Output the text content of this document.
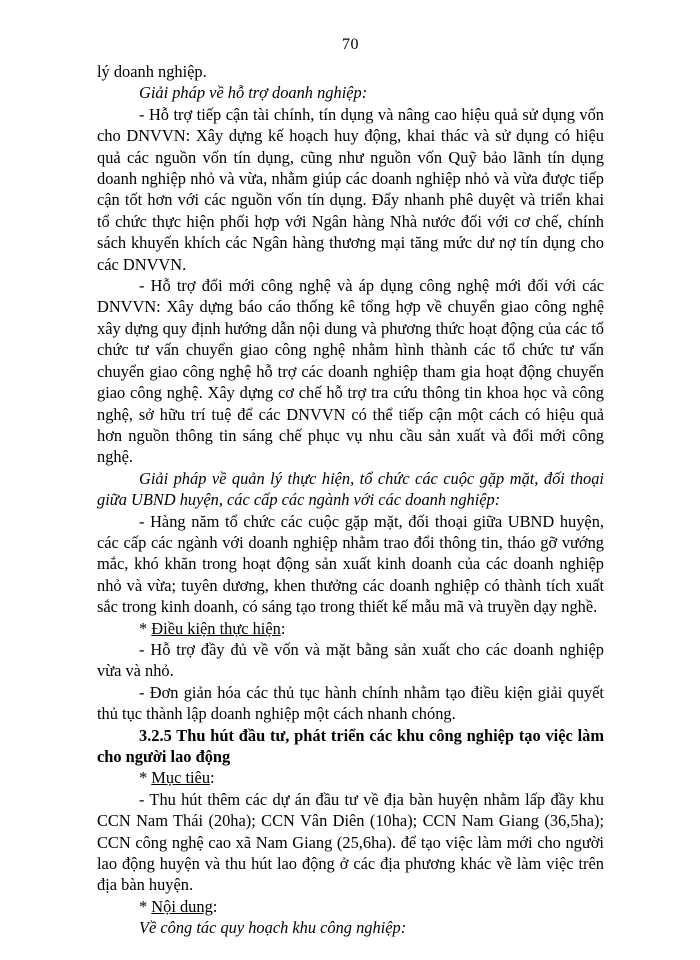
70

lý doanh nghiệp.

Giải pháp về hỗ trợ doanh nghiệp:

- Hỗ trợ tiếp cận tài chính, tín dụng và nâng cao hiệu quả sử dụng vốn cho DNVVN: Xây dựng kế hoạch huy động, khai thác và sử dụng có hiệu quả các nguồn vốn tín dụng, cũng như nguồn vốn Quỹ bảo lãnh tín dụng doanh nghiệp nhỏ và vừa, nhằm giúp các doanh nghiệp nhỏ và vừa được tiếp cận tốt hơn với các nguồn vốn tín dụng. Đẩy nhanh phê duyệt và triển khai tổ chức thực hiện phối hợp với Ngân hàng Nhà nước đối với cơ chế, chính sách khuyến khích các Ngân hàng thương mại tăng mức dư nợ tín dụng cho các DNVVN.

- Hỗ trợ đổi mới công nghệ và áp dụng công nghệ mới đối với các DNVVN: Xây dựng báo cáo thống kê tổng hợp về chuyển giao công nghệ xây dựng quy định hướng dẫn nội dung và phương thức hoạt động của các tổ chức tư vấn chuyển giao công nghệ nhằm hình thành các tổ chức tư vấn chuyển giao công nghệ hỗ trợ các doanh nghiệp tham gia hoạt động chuyển giao công nghệ. Xây dựng cơ chế hỗ trợ tra cứu thông tin khoa học và công nghệ, sở hữu trí tuệ để các DNVVN có thể tiếp cận một cách có hiệu quả hơn nguồn thông tin sáng chế phục vụ nhu cầu sản xuất và đổi mới công nghệ.

Giải pháp về quản lý thực hiện, tổ chức các cuộc gặp mặt, đối thoại giữa UBND huyện, các cấp các ngành với các doanh nghiệp:

- Hàng năm tổ chức các cuộc gặp mặt, đối thoại giữa UBND huyện, các cấp các ngành với doanh nghiệp nhằm trao đổi thông tin, tháo gỡ vướng mắc, khó khăn trong hoạt động sản xuất kinh doanh của các doanh nghiệp nhỏ và vừa; tuyên dương, khen thưởng các doanh nghiệp có thành tích xuất sắc trong kinh doanh, có sáng tạo trong thiết kế mẫu mã và truyền dạy nghề.

* Điều kiện thực hiện:

- Hỗ trợ đầy đủ về vốn và mặt bằng sản xuất cho các doanh nghiệp vừa và nhỏ.

- Đơn giản hóa các thủ tục hành chính nhằm tạo điều kiện giải quyết thủ tục thành lập doanh nghiệp một cách nhanh chóng.

3.2.5 Thu hút đầu tư, phát triển các khu công nghiệp tạo việc làm cho người lao động

* Mục tiêu:

- Thu hút thêm các dự án đầu tư về địa bàn huyện nhằm lấp đầy khu CCN Nam Thái (20ha); CCN Vân Diên (10ha); CCN Nam Giang (36,5ha); CCN công nghệ cao xã Nam Giang (25,6ha). để tạo việc làm mới cho người lao động huyện và thu hút lao động ở các địa phương khác về làm việc trên địa bàn huyện.

* Nội dung:

Về công tác quy hoạch khu công nghiệp:
